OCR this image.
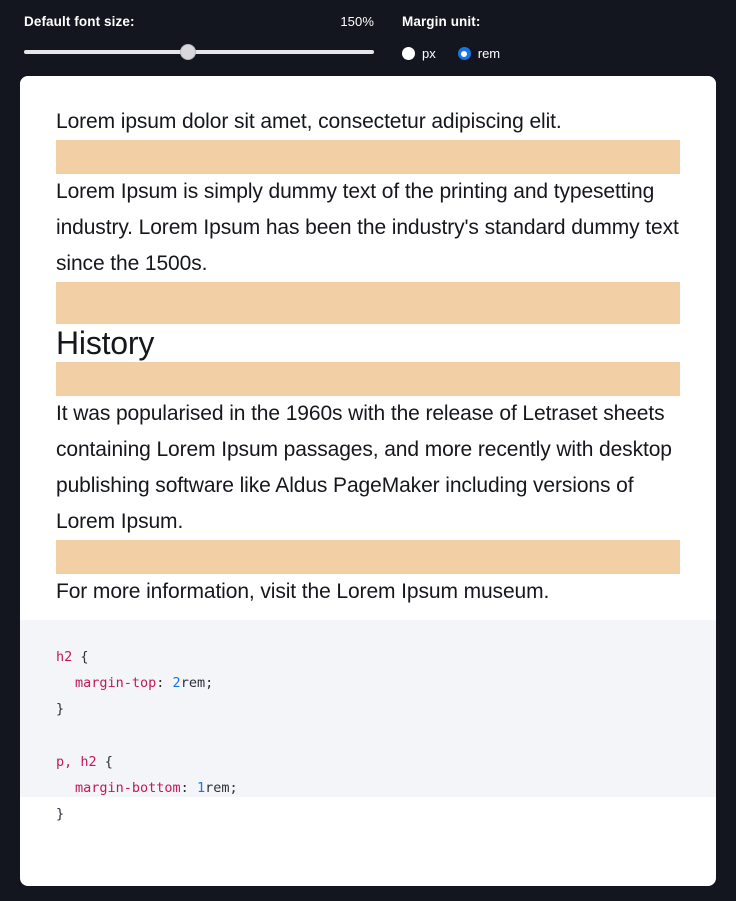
Default font size:	150% Margin unit:
px	rem

Lorem ipsum dolor sit amet, consectetur adipiscing elit.

Lorem Ipsum is simply dummy text of the printing and typesetting industry. Lorem Ipsum has been the industry's standard dummy text since the 1500s.

History

It was popularised in the 1960s with the release of Letraset sheets containing Lorem Ipsum passages, and more recently with desktop publishing software like Aldus PageMaker including versions of Lorem Ipsum.

For more information, visit the Lorem Ipsum museum.

h2 {
margin-top: 2rem;
}

p, h2 {
margin-bottom: 1rem;
}
